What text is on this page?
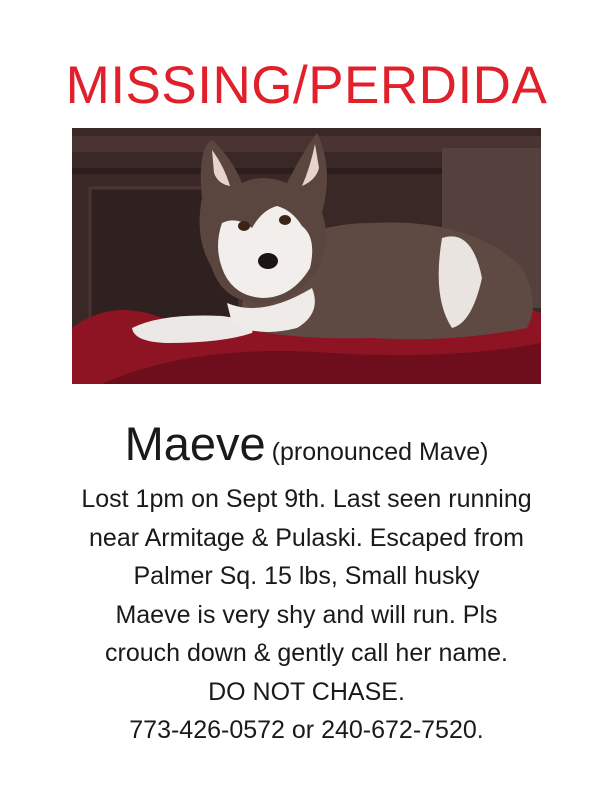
MISSING/PERDIDA
Maeve (pronounced Mave)
Lost 1pm on Sept 9th. Last seen running
near Armitage & Pulaski. Escaped from
Palmer Sq. 15 lbs, Small husky
Maeve is very shy and will run. Pls
crouch down & gently call her name.
DO NOT CHASE.
773-426-0572 or 240-672-7520.
